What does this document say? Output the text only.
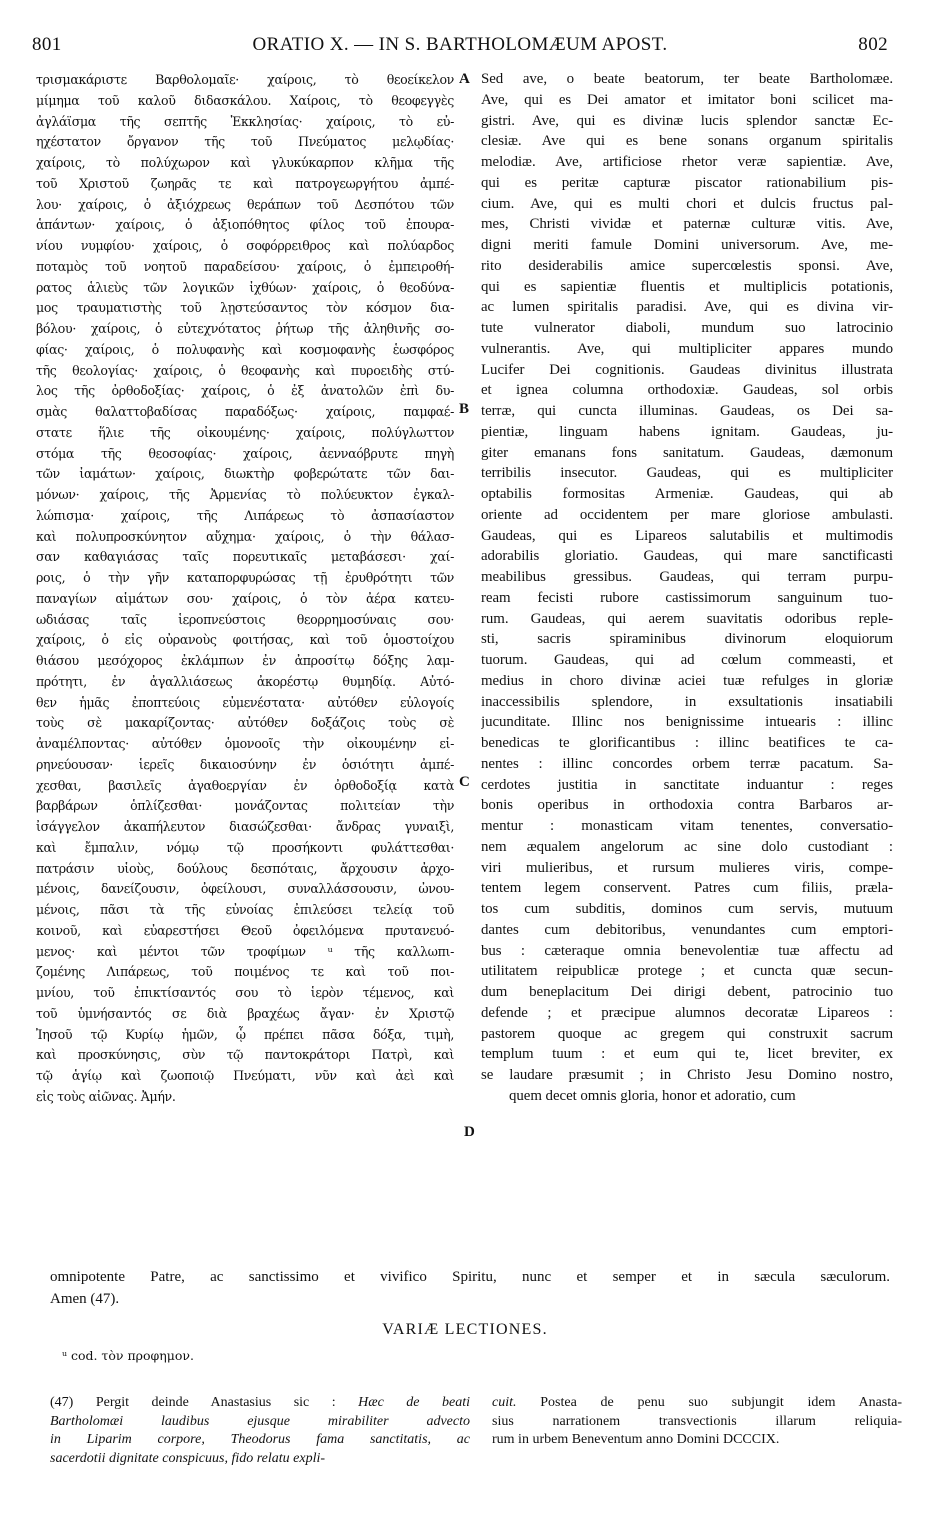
801	ORATIO X. — IN S. BARTHOLOMÆUM APOST.	802
τρισμακάριστε Βαρθολομαῖε· χαίροις, τὸ θεοείκελον
μίμημα τοῦ καλοῦ διδασκάλου. Χαίροις, τὸ θεοφεγγὲς
ἀγλάϊσμα τῆς σεπτῆς Ἐκκλησίας· χαίροις, τὸ εὐ-
ηχέστατον ὄργανον τῆς τοῦ Πνεύματος μελῳδίας·
χαίροις, τὸ πολύχωρον καὶ γλυκύκαρπον κλῆμα τῆς
τοῦ Χριστοῦ ζωηρᾶς τε καὶ πατρογεωργήτου ἀμπέ-
λου· χαίροις, ὁ ἀξιόχρεως θεράπων τοῦ Δεσπότου τῶν
ἁπάντων· χαίροις, ὁ ἀξιοπόθητος φίλος τοῦ ἐπουρα-
νίου νυμφίου· χαίροις, ὁ σοφόρρειθρος καὶ πολύαρδος
ποταμὸς τοῦ νοητοῦ παραδείσου· χαίροις, ὁ ἐμπειροθή-
ρατος ἁλιεὺς τῶν λογικῶν ἰχθύων· χαίροις, ὁ θεοδύνα-
μος τραυματιστὴς τοῦ λῃστεύσαντος τὸν κόσμον δια-
βόλου· χαίροις, ὁ εὐτεχνότατος ῥήτωρ τῆς ἀληθινῆς σο-
φίας· χαίροις, ὁ πολυφανὴς καὶ κοσμοφανὴς ἑωσφόρος
τῆς θεολογίας· χαίροις, ὁ θεοφανὴς καὶ πυροειδὴς στύ-
λος τῆς ὀρθοδοξίας· χαίροις, ὁ ἐξ ἀνατολῶν ἐπὶ δυ-
σμὰς θαλαττοβαδίσας παραδόξως· χαίροις, παμφαέ-
στατε ἥλιε τῆς οἰκουμένης· χαίροις, πολύγλωττον
στόμα τῆς θεοσοφίας· χαίροις, ἀενναόβρυτε πηγὴ
τῶν ἰαμάτων· χαίροις, διωκτὴρ φοβερώτατε τῶν δαι-
μόνων· χαίροις, τῆς Ἀρμενίας τὸ πολύευκτον ἐγκαλ-
λώπισμα· χαίροις, τῆς Λιπάρεως τὸ ἀσπασίαστον
καὶ πολυπροσκύνητον αὔχημα· χαίροις, ὁ τὴν θάλασ-
σαν καθαγιάσας ταῖς πορευτικαῖς μεταβάσεσι· χαί-
ροις, ὁ τὴν γῆν καταπορφυρώσας τῇ ἐρυθρότητι τῶν
παναγίων αἱμάτων σου· χαίροις, ὁ τὸν ἀέρα κατευ-
ωδιάσας ταῖς ἱεροπνεύστοις θεορρημοσύναις σου·
χαίροις, ὁ εἰς οὐρανοὺς φοιτήσας, καὶ τοῦ ὁμοστοίχου
θιάσου μεσόχορος ἐκλάμπων ἐν ἀπροσίτῳ δόξης λαμ-
πρότητι, ἐν ἀγαλλιάσεως ἀκορέστῳ θυμηδίᾳ. Αὐτό-
θεν ἡμᾶς ἐποπτεύοις εὐμενέστατα· αὐτόθεν εὐλογοίς
τοὺς σὲ μακαρίζοντας· αὐτόθεν δοξάζοις τοὺς σὲ
ἀναμέλποντας· αὐτόθεν ὁμονοοῖς τὴν οἰκουμένην εἰ-
ρηνεύουσαν· ἱερεῖς δικαιοσύνην ἐν ὁσιότητι ἀμπέ-
χεσθαι, βασιλεῖς ἀγαθοεργίαν ἐν ὀρθοδοξίᾳ κατὰ
βαρβάρων ὁπλίζεσθαι· μονάζοντας πολιτείαν τὴν
ἰσάγγελον ἀκαπήλευτον διασώζεσθαι· ἄνδρας γυναιξὶ,
καὶ ἔμπαλιν, νόμῳ τῷ προσήκοντι φυλάττεσθαι·
πατράσιν υἱοὺς, δούλους δεσπόταις, ἄρχουσιν ἀρχο-
μένοις, δανείζουσιν, ὀφείλουσι, συναλλάσσουσιν, ὠνου-
μένοις, πᾶσι τὰ τῆς εὐνοίας ἐπιλεύσει τελείᾳ τοῦ
κοινοῦ, καὶ εὐαρεστήσει Θεοῦ ὀφειλόμενα πρυτανευό-
μενος· καὶ μέντοι τῶν τροφίμων ᵘ τῆς καλλωπι-
ζομένης Λιπάρεως, τοῦ ποιμένος τε καὶ τοῦ ποι-
μνίου, τοῦ ἐπικτίσαντός σου τὸ ἱερὸν τέμενος, καὶ
τοῦ ὑμνήσαντός σε διὰ βραχέως ἄγαν· ἐν Χριστῷ
Ἰησοῦ τῷ Κυρίῳ ἡμῶν, ᾧ πρέπει πᾶσα δόξα, τιμὴ,
καὶ προσκύνησις, σὺν τῷ παντοκράτορι Πατρὶ, καὶ
τῷ ἁγίῳ καὶ ζωοποιῷ Πνεύματι, νῦν καὶ ἀεὶ καὶ
εἰς τοὺς αἰῶνας. Ἀμήν.
Sed ave, o beate beatorum, ter beate Bartholomæe.
Ave, qui es Dei amator et imitator boni scilicet ma-
gistri. Ave, qui es divinæ lucis splendor sanctæ Ec-
clesiæ. Ave qui es bene sonans organum spiritalis
melodiæ. Ave, artificiose rhetor veræ sapientiæ. Ave,
qui es peritæ capturæ piscator rationabilium pis-
cium. Ave, qui es multi chori et dulcis fructus pal-
mes, Christi vividæ et paternæ culturæ vitis. Ave,
digni meriti famule Domini universorum. Ave, me-
rito desiderabilis amice supercœlestis sponsi. Ave,
qui es sapientiæ fluentis et multiplicis potationis,
ac lumen spiritalis paradisi. Ave, qui es divina vir-
tute vulnerator diaboli, mundum suo latrocinio
vulnerantis. Ave, qui multipliciter appares mundo
Lucifer Dei cognitionis. Gaudeas divinitus illustrata
et ignea columna orthodoxiæ. Gaudeas, sol orbis
terræ, qui cuncta illuminas. Gaudeas, os Dei sa-
pientiæ, linguam habens ignitam. Gaudeas, ju-
giter emanans fons sanitatum. Gaudeas, dæmonum
terribilis insecutor. Gaudeas, qui es multipliciter
optabilis formositas Armeniæ. Gaudeas, qui ab
oriente ad occidentem per mare gloriose ambulasti.
Gaudeas, qui es Lipareos salutabilis et multimodis
adorabilis gloriatio. Gaudeas, qui mare sanctificasti
meabilibus gressibus. Gaudeas, qui terram purpu-
ream fecisti rubore castissimorum sanguinum tuo-
rum. Gaudeas, qui aerem suavitatis odoribus reple-
sti, sacris spiraminibus divinorum eloquiorum
tuorum. Gaudeas, qui ad cœlum commeasti, et
medius in choro divinæ aciei tuæ refulges in gloriæ
inaccessibilis splendore, in exsultationis insatiabili
jucunditate. Illinc nos benignissime intuearis : illinc
benedicas te glorificantibus : illinc beatifices te ca-
nentes : illinc concordes orbem terræ pacatum. Sa-
cerdotes justitia in sanctitate induantur : reges
bonis operibus in orthodoxia contra Barbaros ar-
mentur : monasticam vitam tenentes, conversatio-
nem æqualem angelorum ac sine dolo custodiant :
viri mulieribus, et rursum mulieres viris, compe-
tentem legem conservent. Patres cum filiis, præla-
tos cum subditis, dominos cum servis, mutuum
dantes cum debitoribus, venundantes cum emptori-
bus : cæteraque omnia benevolentiæ tuæ affectu ad
utilitatem reipublicæ protege ; et cuncta quæ secun-
dum beneplacitum Dei dirigi debent, patrocinio tuo
defende ; et præcipue alumnos decoratæ Lipareos :
pastorem quoque ac gregem qui construxit sacrum
templum tuum : et eum qui te, licet breviter, ex
se laudare præsumit ; in Christo Jesu Domino nostro,
quem decet omnis gloria, honor et adoratio, cum
A
B
C
D
omnipotente Patre, ac sanctissimo et vivifico Spiritu, nunc et semper et in sæcula sæculorum.
Amen (47).
VARIÆ LECTIONES.
ᵘ cod. τὸν προφημον.
(47) Pergit deinde Anastasius sic : Hæc de beati
Bartholomæi laudibus ejusque mirabiliter advecto
in Liparim corpore, Theodorus fama sanctitatis, ac
sacerdotii dignitate conspicuus, fido relatu expli-
cuit. Postea de penu suo subjungit idem Anasta-
sius narrationem transvectionis illarum reliquia-
rum in urbem Beneventum anno Domini DCCCIX.
